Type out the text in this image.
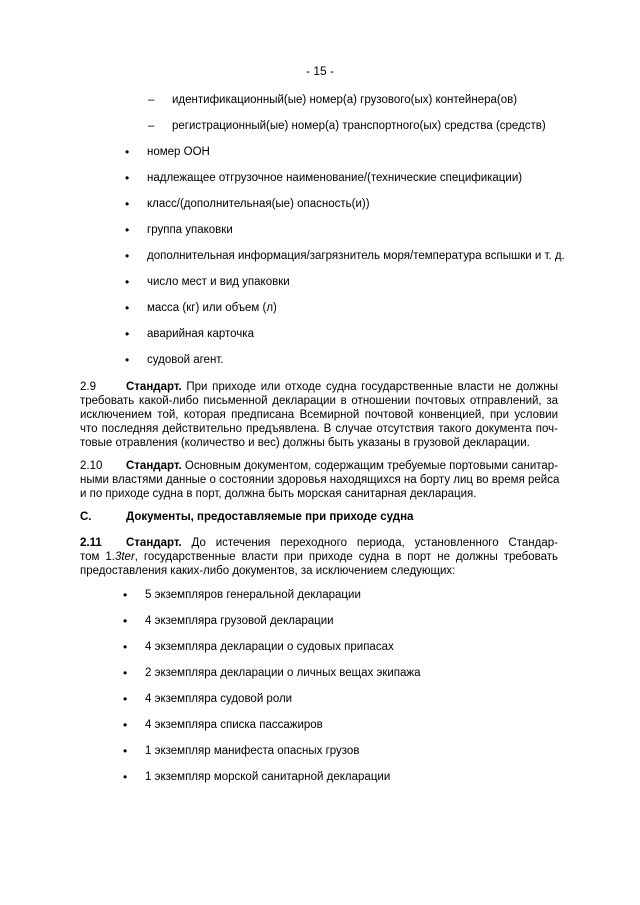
- 15 -
– идентификационный(ые) номер(а) грузового(ых) контейнера(ов)
– регистрационный(ые) номер(а) транспортного(ых) средства (средств)
• номер ООН
• надлежащее отгрузочное наименование/(технические спецификации)
• класс/(дополнительная(ые) опасность(и))
• группа упаковки
• дополнительная информация/загрязнитель моря/температура вспышки и т. д.
• число мест и вид упаковки
• масса (кг) или объем (л)
• аварийная карточка
• судовой агент.
Стандарт. При приходе или отходе судна государственные власти не должны
требовать какой-либо письменной декларации в отношении почтовых отправлений, за
исключением той, которая предписана Всемирной почтовой конвенцией, при условии
что последняя действительно предъявлена. В случае отсутствия такого документа поч-
товые отравления (количество и вес) должны быть указаны в грузовой декларации.
2.9
Стандарт. Основным документом, содержащим требуемые портовыми санитар-
ными властями данные о состоянии здоровья находящихся на борту лиц во время рейса
и по приходе судна в порт, должна быть морская санитарная декларация.
2.10
C.	Документы, предоставляемые при приходе судна
Стандарт. До истечения переходного периода, установленного Стандар-
том 1.3ter, государственные власти при приходе судна в порт не должны требовать
предоставления каких-либо документов, за исключением следующих:
2.11
• 5 экземпляров генеральной декларации
• 4 экземпляра грузовой декларации
• 4 экземпляра декларации о судовых припасах
• 2 экземпляра декларации о личных вещах экипажа
• 4 экземпляра судовой роли
• 4 экземпляра списка пассажиров
• 1 экземпляр манифеста опасных грузов
• 1 экземпляр морской санитарной декларации
